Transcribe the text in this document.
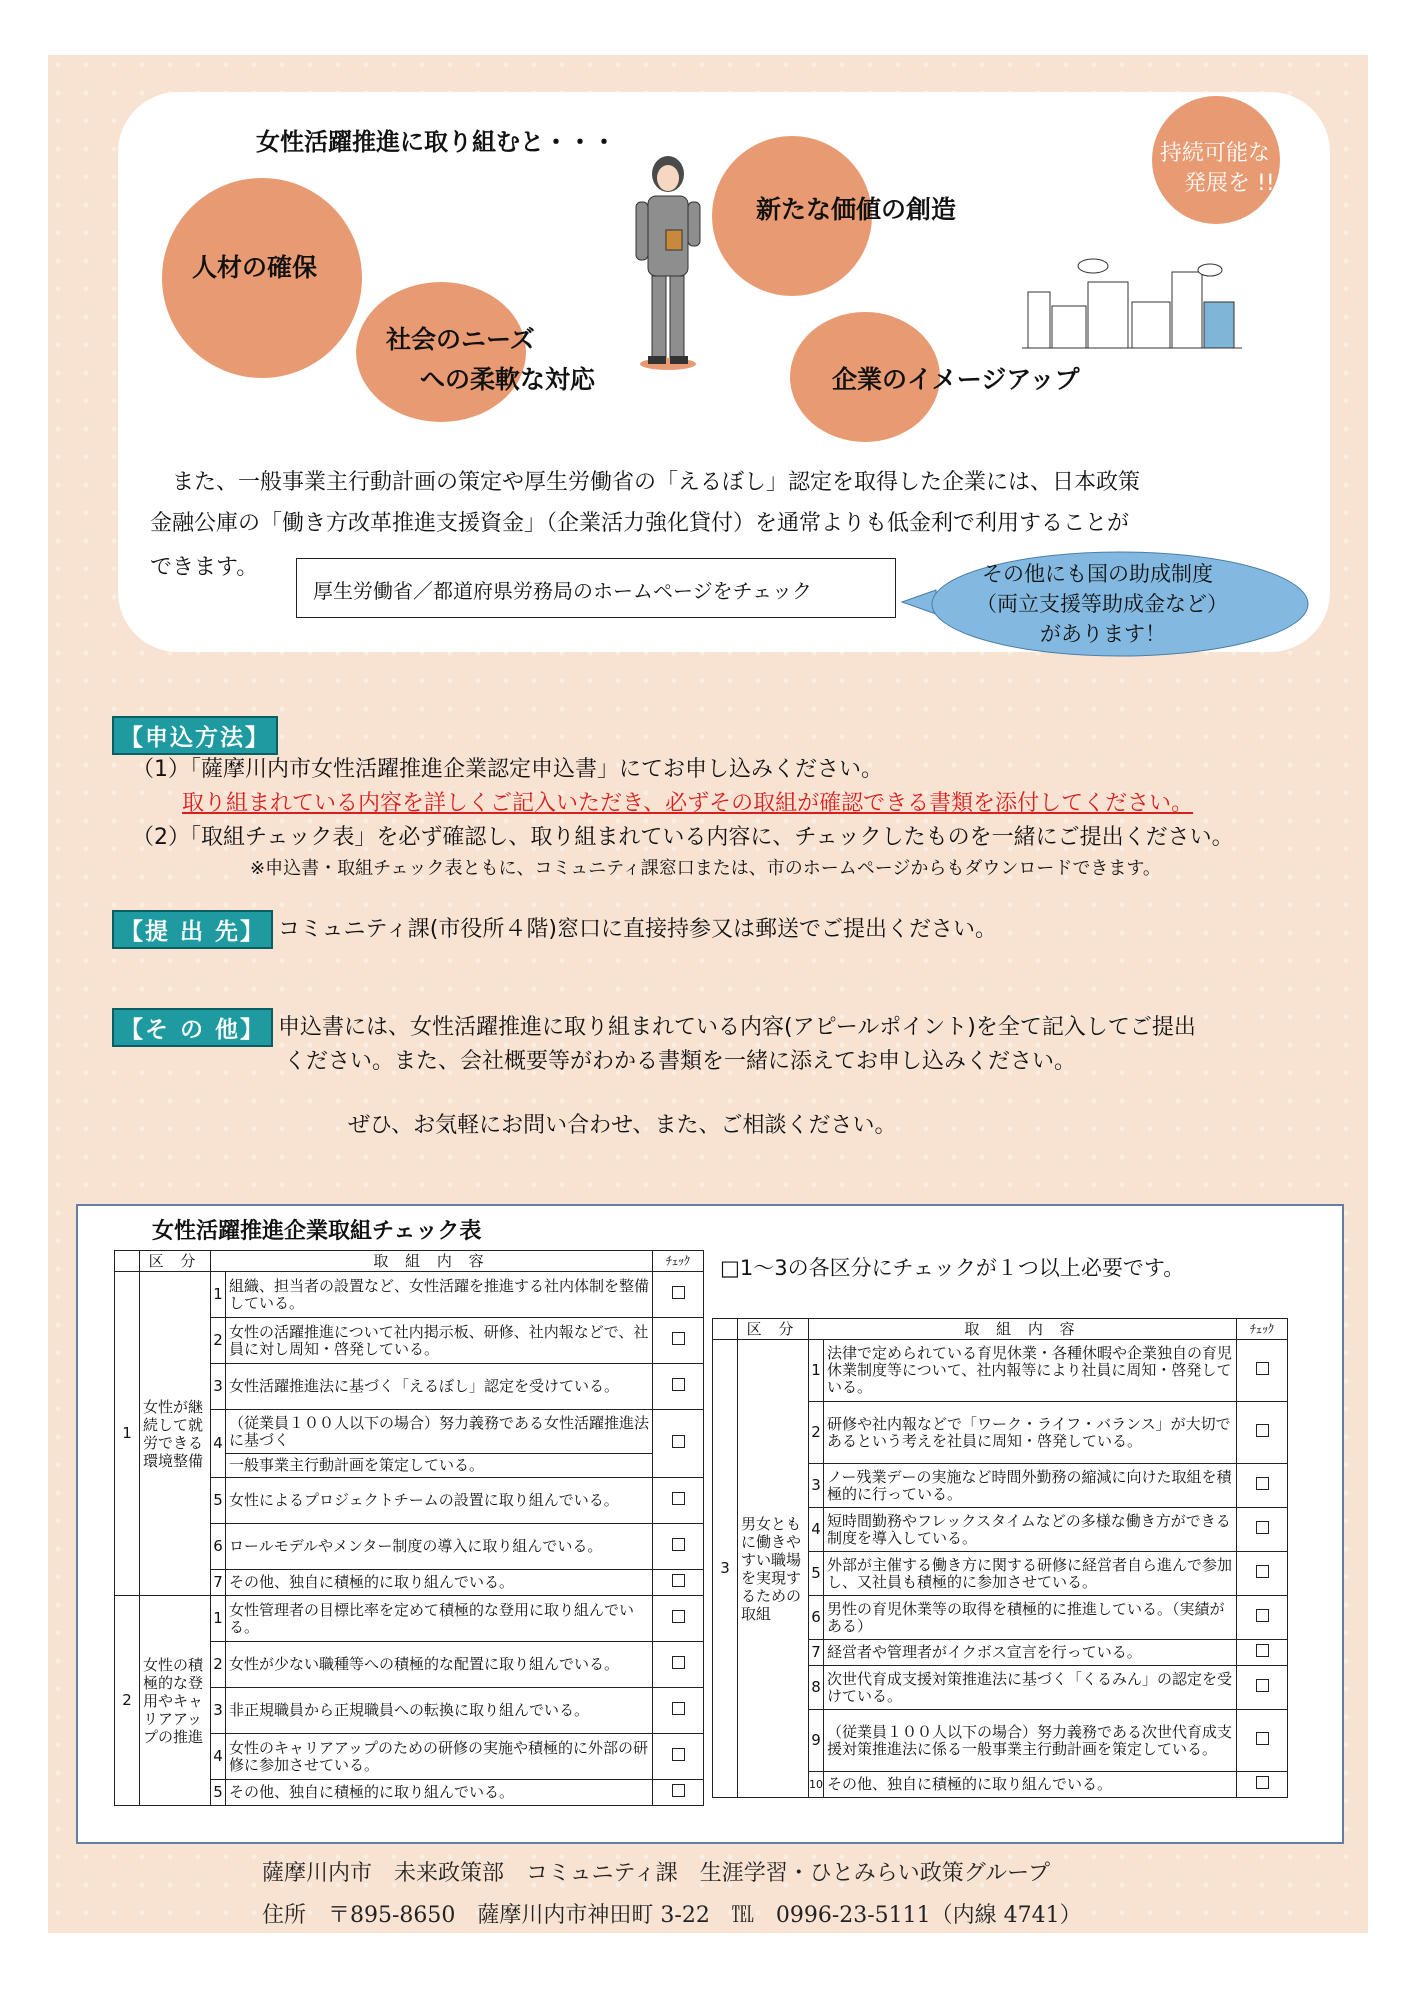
女性活躍推進に取り組むと・・・
人材の確保
社会のニーズ
への柔軟な対応
新たな価値の創造
企業のイメージアップ
持続可能な
発展を !!
　また、一般事業主行動計画の策定や厚生労働省の「えるぼし」認定を取得した企業には、日本政策
金融公庫の「働き方改革推進支援資金」（企業活力強化貸付）を通常よりも低金利で利用することが
できます。
厚生労働省／都道府県労務局のホームページをチェック
その他にも国の助成制度
（両立支援等助成金など）
があります！
【申込方法】
（1）「薩摩川内市女性活躍推進企業認定申込書」にてお申し込みください。
取り組まれている内容を詳しくご記入いただき、必ずその取組が確認できる書類を添付してください。
（2）「取組チェック表」を必ず確認し、取り組まれている内容に、チェックしたものを一緒にご提出ください。
※申込書・取組チェック表ともに、コミュニティ課窓口または、市のホームページからもダウンロードできます。
【提 出 先】 コミュニティ課(市役所４階)窓口に直接持参又は郵送でご提出ください。
【そ の 他】 申込書には、女性活躍推進に取り組まれている内容(アピールポイント)を全て記入してご提出
ください。また、会社概要等がわかる書類を一緒に添えてお申し込みください。
ぜひ、お気軽にお問い合わせ、また、ご相談ください。
女性活躍推進企業取組チェック表
□1～3の各区分にチェックが１つ以上必要です。
	区 分	取 組 内 容		ﾁｪｯｸ
1	女性が継続して就労できる環境整備	1	組織、担当者の設置など、女性活躍を推進する社内体制を整備している。	
		2	女性の活躍推進について社内掲示板、研修、社内報などで、社員に対し周知・啓発している。	
		3	女性活躍推進法に基づく「えるぼし」認定を受けている。	
		4	（従業員１００人以下の場合）努力義務である女性活躍推進法に基づく	
			一般事業主行動計画を策定している。	
		5	女性によるプロジェクトチームの設置に取り組んでいる。	
		6	ロールモデルやメンター制度の導入に取り組んでいる。	
		7	その他、独自に積極的に取り組んでいる。	
2	女性の積極的な登用やキャリアアップの推進	1	女性管理者の目標比率を定めて積極的な登用に取り組んでいる。	
		2	女性が少ない職種等への積極的な配置に取り組んでいる。	
		3	非正規職員から正規職員への転換に取り組んでいる。	
		4	女性のキャリアアップのための研修の実施や積極的に外部の研修に参加させている。	
		5	その他、独自に積極的に取り組んでいる。	
	区 分	取 組 内 容		ﾁｪｯｸ
3	男女ともに働きやすい職場を実現するための取組	1	法律で定められている育児休業・各種休暇や企業独自の育児休業制度等について、社内報等により社員に周知・啓発している。	
		2	研修や社内報などで「ワーク・ライフ・バランス」が大切であるという考えを社員に周知・啓発している。	
		3	ノー残業デーの実施など時間外勤務の縮減に向けた取組を積極的に行っている。	
		4	短時間勤務やフレックスタイムなどの多様な働き方ができる制度を導入している。	
		5	外部が主催する働き方に関する研修に経営者自ら進んで参加し、又社員も積極的に参加させている。	
		6	男性の育児休業等の取得を積極的に推進している。（実績がある）	
		7	経営者や管理者がイクボス宣言を行っている。	
		8	次世代育成支援対策推進法に基づく「くるみん」の認定を受けている。	
		9	（従業員１００人以下の場合）努力義務である次世代育成支援対策推進法に係る一般事業主行動計画を策定している。	
		10	その他、独自に積極的に取り組んでいる。	
薩摩川内市　未来政策部　コミュニティ課　生涯学習・ひとみらい政策グループ
住所　〒895-8650　薩摩川内市神田町 3-22　℡　0996-23-5111（内線 4741）
